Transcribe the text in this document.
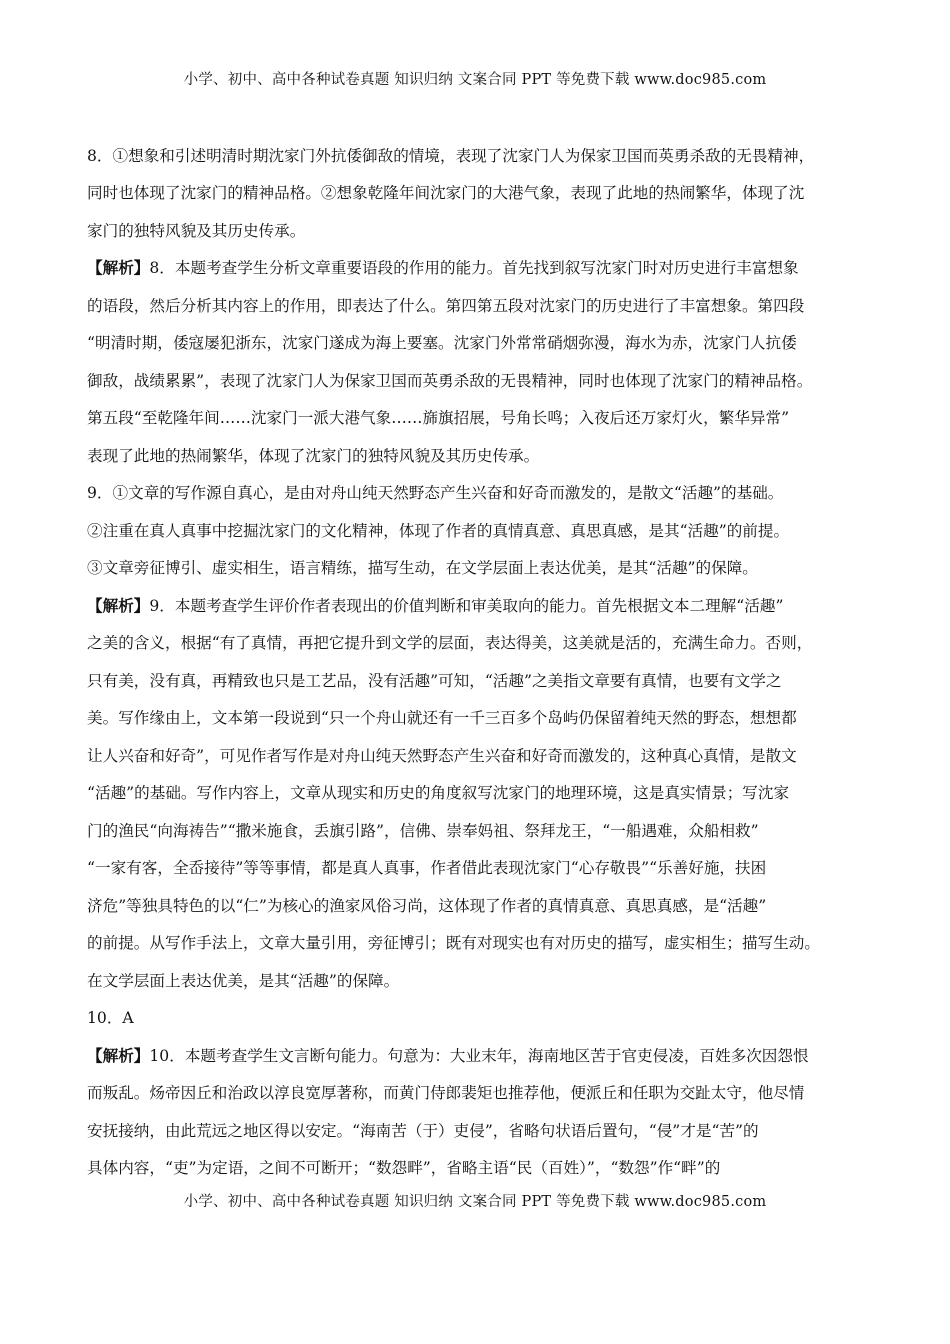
小学、初中、高中各种试卷真题 知识归纳 文案合同 PPT 等免费下载 www.doc985.com
8．①想象和引述明清时期沈家门外抗倭御敌的情境，表现了沈家门人为保家卫国而英勇杀敌的无畏精神，
同时也体现了沈家门的精神品格。②想象乾隆年间沈家门的大港气象，表现了此地的热闹繁华，体现了沈
家门的独特风貌及其历史传承。
【解析】8．本题考查学生分析文章重要语段的作用的能力。首先找到叙写沈家门时对历史进行丰富想象
的语段，然后分析其内容上的作用，即表达了什么。第四第五段对沈家门的历史进行了丰富想象。第四段
“明清时期，倭寇屡犯浙东，沈家门遂成为海上要塞。沈家门外常常硝烟弥漫，海水为赤，沈家门人抗倭
御敌，战绩累累”，表现了沈家门人为保家卫国而英勇杀敌的无畏精神，同时也体现了沈家门的精神品格。
第五段“至乾隆年间……沈家门一派大港气象……旆旗招展，号角长鸣；入夜后还万家灯火，繁华异常”
表现了此地的热闹繁华，体现了沈家门的独特风貌及其历史传承。
9．①文章的写作源自真心，是由对舟山纯天然野态产生兴奋和好奇而激发的，是散文“活趣”的基础。
②注重在真人真事中挖掘沈家门的文化精神，体现了作者的真情真意、真思真感，是其“活趣”的前提。
③文章旁征博引、虚实相生，语言精练，描写生动，在文学层面上表达优美，是其“活趣”的保障。
【解析】9．本题考查学生评价作者表现出的价值判断和审美取向的能力。首先根据文本二理解“活趣”
之美的含义，根据“有了真情，再把它提升到文学的层面，表达得美，这美就是活的，充满生命力。否则，
只有美，没有真，再精致也只是工艺品，没有活趣”可知，“活趣”之美指文章要有真情，也要有文学之
美。写作缘由上，文本第一段说到“只一个舟山就还有一千三百多个岛屿仍保留着纯天然的野态，想想都
让人兴奋和好奇”，可见作者写作是对舟山纯天然野态产生兴奋和好奇而激发的，这种真心真情，是散文
“活趣”的基础。写作内容上，文章从现实和历史的角度叙写沈家门的地理环境，这是真实情景；写沈家
门的渔民“向海祷告”“撒米施食，丢旗引路”，信佛、崇奉妈祖、祭拜龙王，“一船遇难，众船相救”
“一家有客，全岙接待”等等事情，都是真人真事，作者借此表现沈家门“心存敬畏”“乐善好施，扶困
济危”等独具特色的以“仁”为核心的渔家风俗习尚，这体现了作者的真情真意、真思真感，是“活趣”
的前提。从写作手法上，文章大量引用，旁征博引；既有对现实也有对历史的描写，虚实相生；描写生动。
在文学层面上表达优美，是其“活趣”的保障。
10．A
【解析】10．本题考查学生文言断句能力。句意为：大业末年，海南地区苦于官吏侵凌，百姓多次因怨恨
而叛乱。炀帝因丘和治政以淳良宽厚著称，而黄门侍郎裴矩也推荐他，便派丘和任职为交趾太守，他尽情
安抚接纳，由此荒远之地区得以安定。“海南苦（于）吏侵”，省略句状语后置句，“侵”才是“苦”的
具体内容，“吏”为定语，之间不可断开；“数怨畔”，省略主语“民（百姓）”，“数怨”作“畔”的
小学、初中、高中各种试卷真题 知识归纳 文案合同 PPT 等免费下载 www.doc985.com
